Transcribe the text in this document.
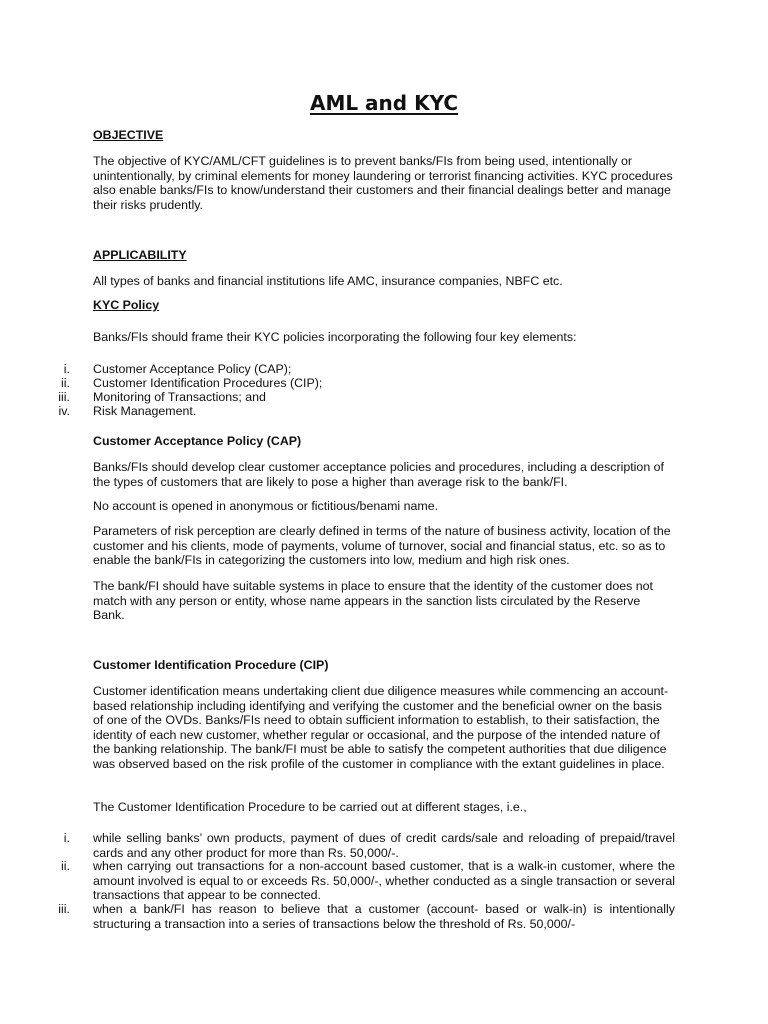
AML and KYC
OBJECTIVE
The objective of KYC/AML/CFT guidelines is to prevent banks/FIs from being used, intentionally or unintentionally, by criminal elements for money laundering or terrorist financing activities. KYC procedures also enable banks/FIs to know/understand their customers and their financial dealings better and manage their risks prudently.
APPLICABILITY
All types of banks and financial institutions life AMC, insurance companies, NBFC etc.
KYC Policy
Banks/FIs should frame their KYC policies incorporating the following four key elements:
i. Customer Acceptance Policy (CAP);
ii. Customer Identification Procedures (CIP);
iii. Monitoring of Transactions; and
iv. Risk Management.
Customer Acceptance Policy (CAP)
Banks/FIs should develop clear customer acceptance policies and procedures, including a description of the types of customers that are likely to pose a higher than average risk to the bank/FI.
No account is opened in anonymous or fictitious/benami name.
Parameters of risk perception are clearly defined in terms of the nature of business activity, location of the customer and his clients, mode of payments, volume of turnover, social and financial status, etc. so as to enable the bank/FIs in categorizing the customers into low, medium and high risk ones.
The bank/FI should have suitable systems in place to ensure that the identity of the customer does not match with any person or entity, whose name appears in the sanction lists circulated by the Reserve Bank.
Customer Identification Procedure (CIP)
Customer identification means undertaking client due diligence measures while commencing an account-based relationship including identifying and verifying the customer and the beneficial owner on the basis of one of the OVDs. Banks/FIs need to obtain sufficient information to establish, to their satisfaction, the identity of each new customer, whether regular or occasional, and the purpose of the intended nature of the banking relationship. The bank/FI must be able to satisfy the competent authorities that due diligence was observed based on the risk profile of the customer in compliance with the extant guidelines in place.
The Customer Identification Procedure to be carried out at different stages, i.e.,
i. while selling banks’ own products, payment of dues of credit cards/sale and reloading of prepaid/travel cards and any other product for more than Rs. 50,000/-.
ii. when carrying out transactions for a non-account based customer, that is a walk-in customer, where the amount involved is equal to or exceeds Rs. 50,000/-, whether conducted as a single transaction or several transactions that appear to be connected.
iii. when a bank/FI has reason to believe that a customer (account- based or walk-in) is intentionally structuring a transaction into a series of transactions below the threshold of Rs. 50,000/-
